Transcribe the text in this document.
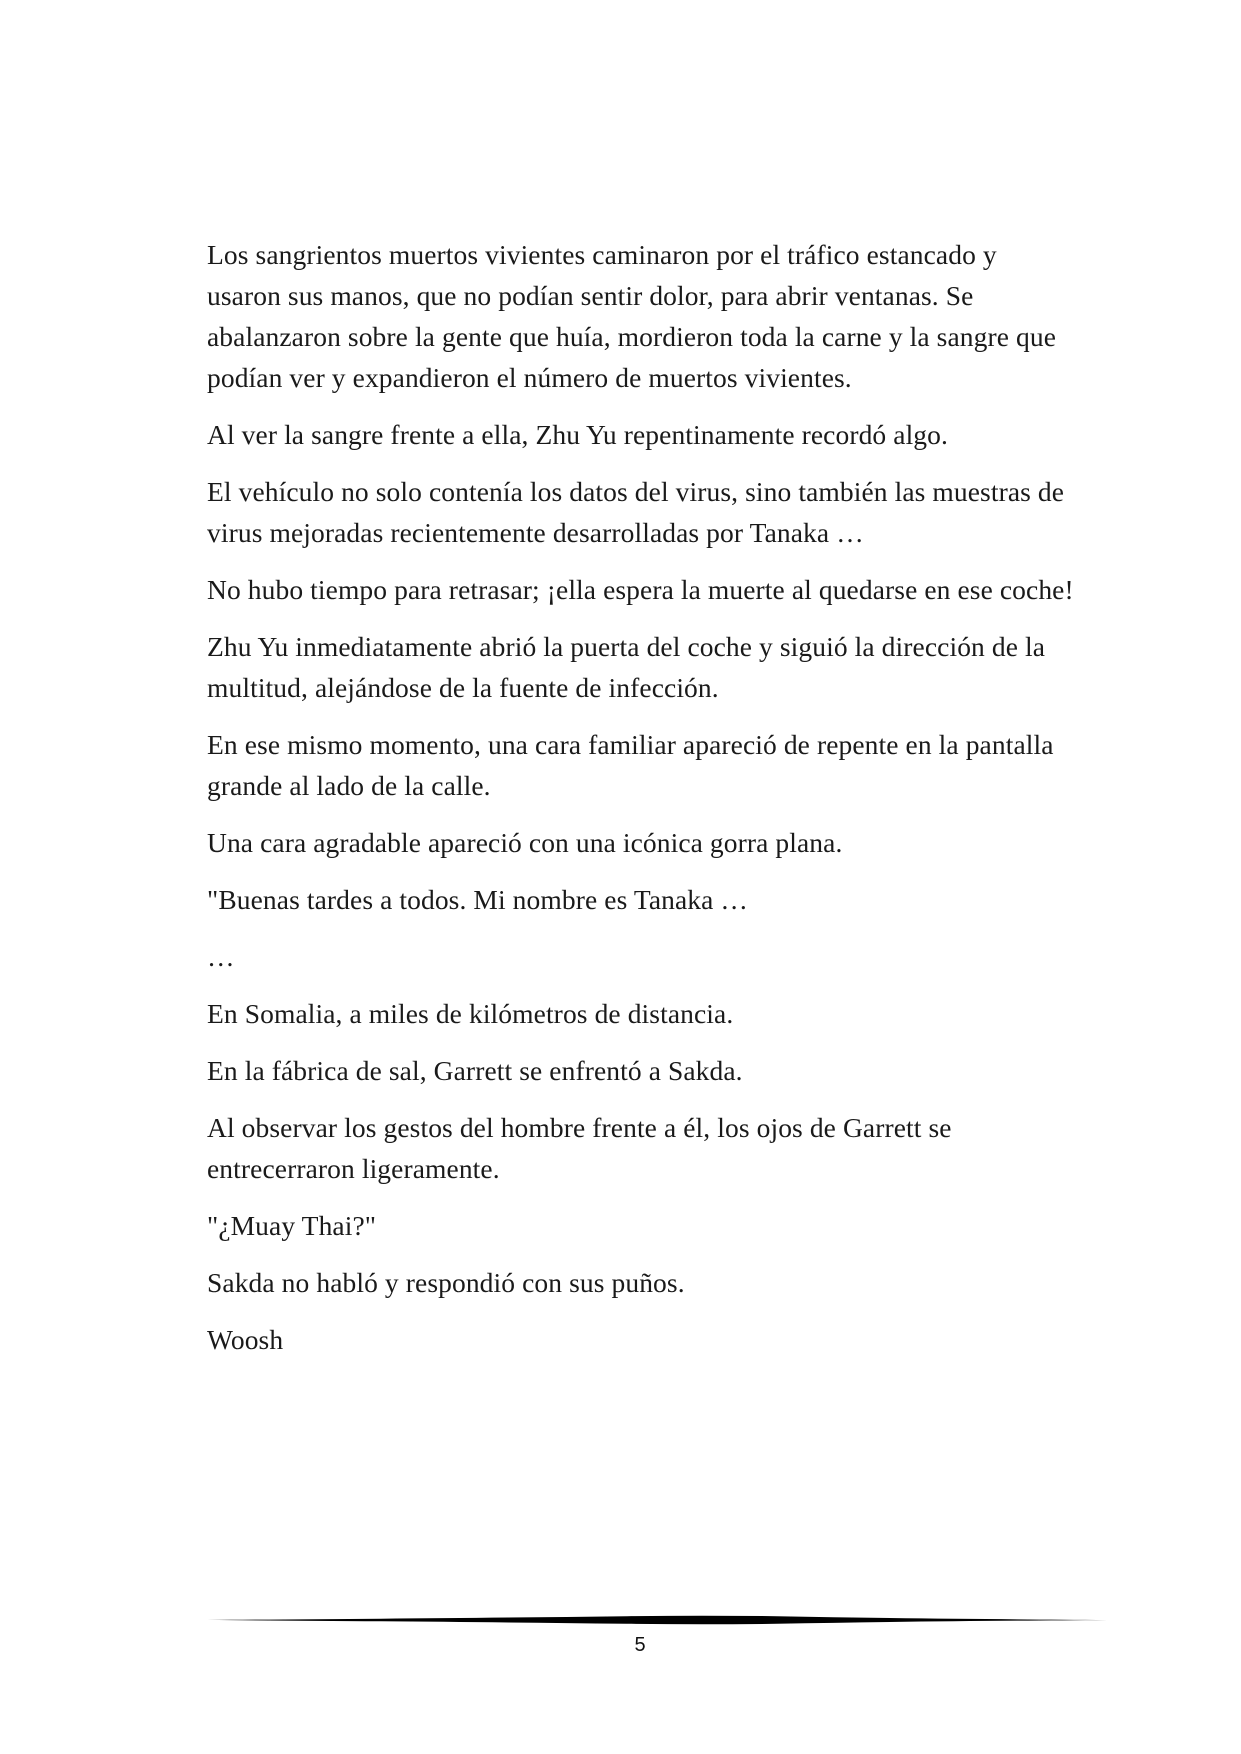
Los sangrientos muertos vivientes caminaron por el tráfico estancado y usaron sus manos, que no podían sentir dolor, para abrir ventanas. Se abalanzaron sobre la gente que huía, mordieron toda la carne y la sangre que podían ver y expandieron el número de muertos vivientes.

Al ver la sangre frente a ella, Zhu Yu repentinamente recordó algo.

El vehículo no solo contenía los datos del virus, sino también las muestras de virus mejoradas recientemente desarrolladas por Tanaka …

No hubo tiempo para retrasar; ¡ella espera la muerte al quedarse en ese coche!

Zhu Yu inmediatamente abrió la puerta del coche y siguió la dirección de la multitud, alejándose de la fuente de infección.

En ese mismo momento, una cara familiar apareció de repente en la pantalla grande al lado de la calle.

Una cara agradable apareció con una icónica gorra plana.

"Buenas tardes a todos. Mi nombre es Tanaka …

…

En Somalia, a miles de kilómetros de distancia.

En la fábrica de sal, Garrett se enfrentó a Sakda.

Al observar los gestos del hombre frente a él, los ojos de Garrett se entrecerraron ligeramente.

"¿Muay Thai?"

Sakda no habló y respondió con sus puños.

Woosh

5
